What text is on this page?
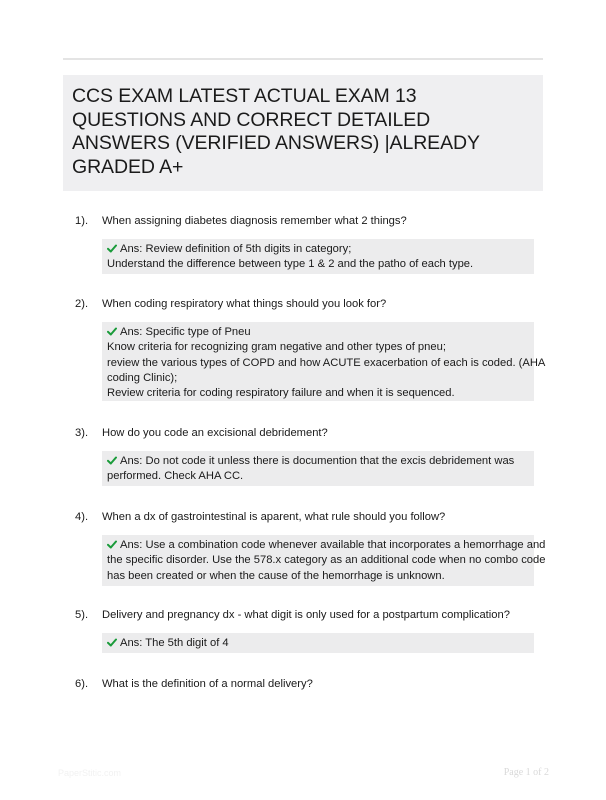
CCS EXAM LATEST ACTUAL EXAM 13
QUESTIONS AND CORRECT DETAILED
ANSWERS (VERIFIED ANSWERS) |ALREADY
GRADED A+
1). When assigning diabetes diagnosis remember what 2 things?
Ans: Review definition of 5th digits in category;
Understand the difference between type 1 & 2 and the patho of each type.
2). When coding respiratory what things should you look for?
Ans: Specific type of Pneu
Know criteria for recognizing gram negative and other types of pneu;
review the various types of COPD and how ACUTE exacerbation of each is coded. (AHA
coding Clinic);
Review criteria for coding respiratory failure and when it is sequenced.
3). How do you code an excisional debridement?
Ans: Do not code it unless there is documention that the excis debridement was
performed. Check AHA CC.
4). When a dx of gastrointestinal is aparent, what rule should you follow?
Ans: Use a combination code whenever available that incorporates a hemorrhage and
the specific disorder. Use the 578.x category as an additional code when no combo code
has been created or when the cause of the hemorrhage is unknown.
5). Delivery and pregnancy dx - what digit is only used for a postpartum complication?
Ans: The 5th digit of 4
6). What is the definition of a normal delivery?
PaperStitic.com	Page 1 of 2
